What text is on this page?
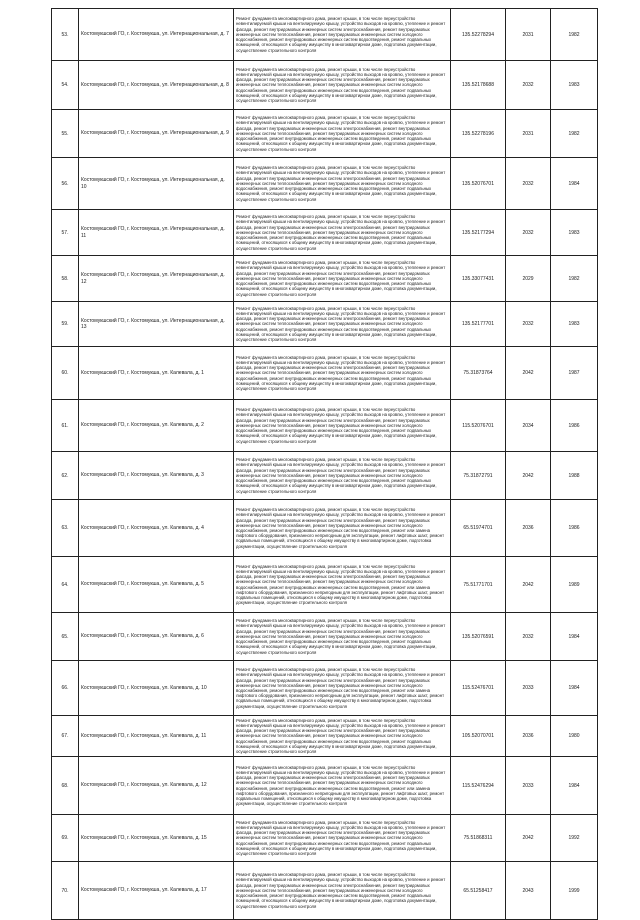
53.	Костомукшский ГО, г. Костомукша, ул. Интернациональная, д. 7	Ремонт фундамента многоквартирного дома, ремонт крыши, в том числе переустройство невентилируемой крыши на вентилируемую крышу, устройство выходов на кровлю, утепление и ремонт фасада, ремонт внутридомовых инженерных систем электроснабжения, ремонт внутридомовых инженерных систем теплоснабжения, ремонт внутридомовых инженерных систем холодного водоснабжения, ремонт внутридомовых инженерных систем водоотведения, ремонт подвальных помещений, относящихся к общему имуществу в многоквартирном доме, подготовка документации, осуществление строительного контроля	135.52278294	2031	1982
54.	Костомукшский ГО, г. Костомукша, ул. Интернациональная, д. 8	Ремонт фундамента многоквартирного дома, ремонт крыши, в том числе переустройство невентилируемой крыши на вентилируемую крышу, устройство выходов на кровлю, утепление и ремонт фасада, ремонт внутридомовых инженерных систем электроснабжения, ремонт внутридомовых инженерных систем теплоснабжения, ремонт внутридомовых инженерных систем холодного водоснабжения, ремонт внутридомовых инженерных систем водоотведения, ремонт подвальных помещений, относящихся к общему имуществу в многоквартирном доме, подготовка документации, осуществление строительного контроля	135.52178688	2032	1983
55.	Костомукшский ГО, г. Костомукша, ул. Интернациональная, д. 9	Ремонт фундамента многоквартирного дома, ремонт крыши, в том числе переустройство невентилируемой крыши на вентилируемую крышу, устройство выходов на кровлю, утепление и ремонт фасада, ремонт внутридомовых инженерных систем электроснабжения, ремонт внутридомовых инженерных систем теплоснабжения, ремонт внутридомовых инженерных систем холодного водоснабжения, ремонт внутридомовых инженерных систем водоотведения, ремонт подвальных помещений, относящихся к общему имуществу в многоквартирном доме, подготовка документации, осуществление строительного контроля	135.52278196	2031	1982
56.	Костомукшский ГО, г. Костомукша, ул. Интернациональная, д. 10	Ремонт фундамента многоквартирного дома, ремонт крыши, в том числе переустройство невентилируемой крыши на вентилируемую крышу, устройство выходов на кровлю, утепление и ремонт фасада, ремонт внутридомовых инженерных систем электроснабжения, ремонт внутридомовых инженерных систем теплоснабжения, ремонт внутридомовых инженерных систем холодного водоснабжения, ремонт внутридомовых инженерных систем водоотведения, ремонт подвальных помещений, относящихся к общему имуществу в многоквартирном доме, подготовка документации, осуществление строительного контроля	135.52076701	2032	1984
57.	Костомукшский ГО, г. Костомукша, ул. Интернациональная, д. 11	Ремонт фундамента многоквартирного дома, ремонт крыши, в том числе переустройство невентилируемой крыши на вентилируемую крышу, устройство выходов на кровлю, утепление и ремонт фасада, ремонт внутридомовых инженерных систем электроснабжения, ремонт внутридомовых инженерных систем теплоснабжения, ремонт внутридомовых инженерных систем холодного водоснабжения, ремонт внутридомовых инженерных систем водоотведения, ремонт подвальных помещений, относящихся к общему имуществу в многоквартирном доме, подготовка документации, осуществление строительного контроля	135.52177294	2032	1983
58.	Костомукшский ГО, г. Костомукша, ул. Интернациональная, д. 12	Ремонт фундамента многоквартирного дома, ремонт крыши, в том числе переустройство невентилируемой крыши на вентилируемую крышу, устройство выходов на кровлю, утепление и ремонт фасада, ремонт внутридомовых инженерных систем электроснабжения, ремонт внутридомовых инженерных систем теплоснабжения, ремонт внутридомовых инженерных систем холодного водоснабжения, ремонт внутридомовых инженерных систем водоотведения, ремонт подвальных помещений, относящихся к общему имуществу в многоквартирном доме, подготовка документации, осуществление строительного контроля	135.33077431	2029	1982
59.	Костомукшский ГО, г. Костомукша, ул. Интернациональная, д. 13	Ремонт фундамента многоквартирного дома, ремонт крыши, в том числе переустройство невентилируемой крыши на вентилируемую крышу, устройство выходов на кровлю, утепление и ремонт фасада, ремонт внутридомовых инженерных систем электроснабжения, ремонт внутридомовых инженерных систем теплоснабжения, ремонт внутридомовых инженерных систем холодного водоснабжения, ремонт внутридомовых инженерных систем водоотведения, ремонт подвальных помещений, относящихся к общему имуществу в многоквартирном доме, подготовка документации, осуществление строительного контроля	135.52177701	2032	1983
60.	Костомукшский ГО, г. Костомукша, ул. Калевала, д. 1	Ремонт фундамента многоквартирного дома, ремонт крыши, в том числе переустройство невентилируемой крыши на вентилируемую крышу, устройство выходов на кровлю, утепление и ремонт фасада, ремонт внутридомовых инженерных систем электроснабжения, ремонт внутридомовых инженерных систем теплоснабжения, ремонт внутридомовых инженерных систем холодного водоснабжения, ремонт внутридомовых инженерных систем водоотведения, ремонт подвальных помещений, относящихся к общему имуществу в многоквартирном доме, подготовка документации, осуществление строительного контроля	75.31873764	2042	1987
61.	Костомукшский ГО, г. Костомукша, ул. Калевала, д. 2	Ремонт фундамента многоквартирного дома, ремонт крыши, в том числе переустройство невентилируемой крыши на вентилируемую крышу, устройство выходов на кровлю, утепление и ремонт фасада, ремонт внутридомовых инженерных систем электроснабжения, ремонт внутридомовых инженерных систем теплоснабжения, ремонт внутридомовых инженерных систем холодного водоснабжения, ремонт внутридомовых инженерных систем водоотведения, ремонт подвальных помещений, относящихся к общему имуществу в многоквартирном доме, подготовка документации, осуществление строительного контроля	115.52076701	2034	1986
62.	Костомукшский ГО, г. Костомукша, ул. Калевала, д. 3	Ремонт фундамента многоквартирного дома, ремонт крыши, в том числе переустройство невентилируемой крыши на вентилируемую крышу, устройство выходов на кровлю, утепление и ремонт фасада, ремонт внутридомовых инженерных систем электроснабжения, ремонт внутридомовых инженерных систем теплоснабжения, ремонт внутридомовых инженерных систем холодного водоснабжения, ремонт внутридомовых инженерных систем водоотведения, ремонт подвальных помещений, относящихся к общему имуществу в многоквартирном доме, подготовка документации, осуществление строительного контроля	75.31872791	2042	1988
63.	Костомукшский ГО, г. Костомукша, ул. Калевала, д. 4	Ремонт фундамента многоквартирного дома, ремонт крыши, в том числе переустройство невентилируемой крыши на вентилируемую крышу, устройство выходов на кровлю, утепление и ремонт фасада, ремонт внутридомовых инженерных систем электроснабжения, ремонт внутридомовых инженерных систем теплоснабжения, ремонт внутридомовых инженерных систем холодного водоснабжения, ремонт внутридомовых инженерных систем водоотведения, ремонт или замена лифтового оборудования, признанного непригодным для эксплуатации, ремонт лифтовых шахт, ремонт подвальных помещений, относящихся к общему имуществу в многоквартирном доме, подготовка документации, осуществление строительного контроля	65.51974701	2036	1986
64.	Костомукшский ГО, г. Костомукша, ул. Калевала, д. 5	Ремонт фундамента многоквартирного дома, ремонт крыши, в том числе переустройство невентилируемой крыши на вентилируемую крышу, устройство выходов на кровлю, утепление и ремонт фасада, ремонт внутридомовых инженерных систем электроснабжения, ремонт внутридомовых инженерных систем теплоснабжения, ремонт внутридомовых инженерных систем холодного водоснабжения, ремонт внутридомовых инженерных систем водоотведения, ремонт или замена лифтового оборудования, признанного непригодным для эксплуатации, ремонт лифтовых шахт, ремонт подвальных помещений, относящихся к общему имуществу в многоквартирном доме, подготовка документации, осуществление строительного контроля	75.51771701	2042	1989
65.	Костомукшский ГО, г. Костомукша, ул. Калевала, д. 6	Ремонт фундамента многоквартирного дома, ремонт крыши, в том числе переустройство невентилируемой крыши на вентилируемую крышу, устройство выходов на кровлю, утепление и ремонт фасада, ремонт внутридомовых инженерных систем электроснабжения, ремонт внутридомовых инженерных систем теплоснабжения, ремонт внутридомовых инженерных систем холодного водоснабжения, ремонт внутридомовых инженерных систем водоотведения, ремонт подвальных помещений, относящихся к общему имуществу в многоквартирном доме, подготовка документации, осуществление строительного контроля	135.52076591	2032	1984
66.	Костомукшский ГО, г. Костомукша, ул. Калевала, д. 10	Ремонт фундамента многоквартирного дома, ремонт крыши, в том числе переустройство невентилируемой крыши на вентилируемую крышу, устройство выходов на кровлю, утепление и ремонт фасада, ремонт внутридомовых инженерных систем электроснабжения, ремонт внутридомовых инженерных систем теплоснабжения, ремонт внутридомовых инженерных систем холодного водоснабжения, ремонт внутридомовых инженерных систем водоотведения, ремонт или замена лифтового оборудования, признанного непригодным для эксплуатации, ремонт лифтовых шахт, ремонт подвальных помещений, относящихся к общему имуществу в многоквартирном доме, подготовка документации, осуществление строительного контроля	115.52476701	2033	1984
67.	Костомукшский ГО, г. Костомукша, ул. Калевала, д. 11	Ремонт фундамента многоквартирного дома, ремонт крыши, в том числе переустройство невентилируемой крыши на вентилируемую крышу, устройство выходов на кровлю, утепление и ремонт фасада, ремонт внутридомовых инженерных систем электроснабжения, ремонт внутридомовых инженерных систем теплоснабжения, ремонт внутридомовых инженерных систем холодного водоснабжения, ремонт внутридомовых инженерных систем водоотведения, ремонт подвальных помещений, относящихся к общему имуществу в многоквартирном доме, подготовка документации, осуществление строительного контроля	105.52070701	2036	1980
68.	Костомукшский ГО, г. Костомукша, ул. Калевала, д. 12	Ремонт фундамента многоквартирного дома, ремонт крыши, в том числе переустройство невентилируемой крыши на вентилируемую крышу, устройство выходов на кровлю, утепление и ремонт фасада, ремонт внутридомовых инженерных систем электроснабжения, ремонт внутридомовых инженерных систем теплоснабжения, ремонт внутридомовых инженерных систем холодного водоснабжения, ремонт внутридомовых инженерных систем водоотведения, ремонт или замена лифтового оборудования, признанного непригодным для эксплуатации, ремонт лифтовых шахт, ремонт подвальных помещений, относящихся к общему имуществу в многоквартирном доме, подготовка документации, осуществление строительного контроля	115.52476294	2033	1984
69.	Костомукшский ГО, г. Костомукша, ул. Калевала, д. 15	Ремонт фундамента многоквартирного дома, ремонт крыши, в том числе переустройство невентилируемой крыши на вентилируемую крышу, устройство выходов на кровлю, утепление и ремонт фасада, ремонт внутридомовых инженерных систем электроснабжения, ремонт внутридомовых инженерных систем теплоснабжения, ремонт внутридомовых инженерных систем холодного водоснабжения, ремонт внутридомовых инженерных систем водоотведения, ремонт подвальных помещений, относящихся к общему имуществу в многоквартирном доме, подготовка документации, осуществление строительного контроля	75.51868311	2042	1992
70.	Костомукшский ГО, г. Костомукша, ул. Калевала, д. 17	Ремонт фундамента многоквартирного дома, ремонт крыши, в том числе переустройство невентилируемой крыши на вентилируемую крышу, устройство выходов на кровлю, утепление и ремонт фасада, ремонт внутридомовых инженерных систем электроснабжения, ремонт внутридомовых инженерных систем теплоснабжения, ремонт внутридомовых инженерных систем холодного водоснабжения, ремонт внутридомовых инженерных систем водоотведения, ремонт подвальных помещений, относящихся к общему имуществу в многоквартирном доме, подготовка документации, осуществление строительного контроля	65.51258417	2043	1999
